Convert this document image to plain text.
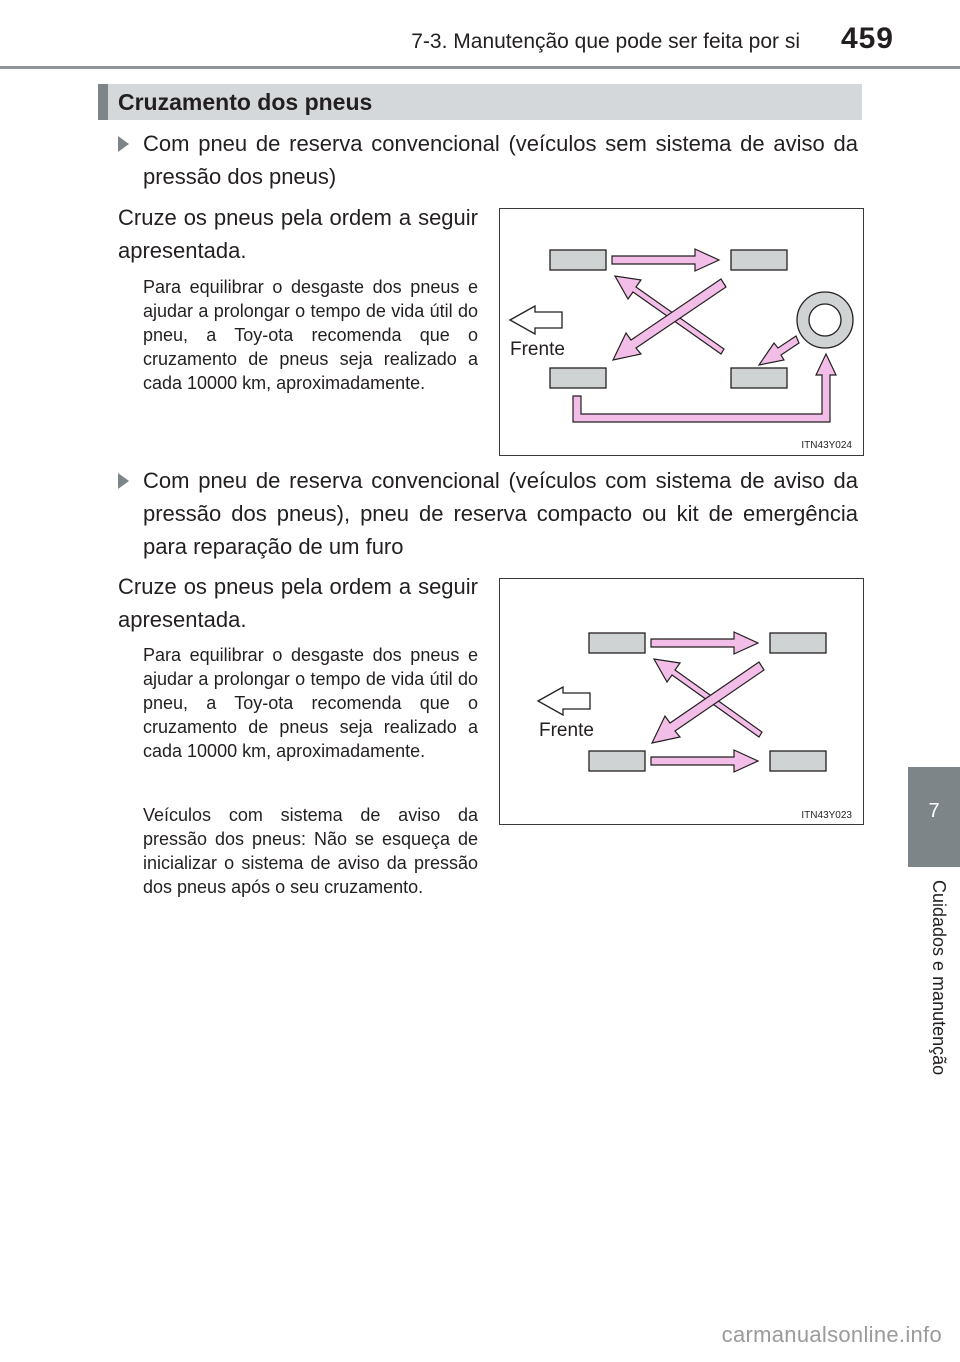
7-3. Manutenção que pode ser feita por si 459
Cruzamento dos pneus
Com pneu de reserva convencional (veículos sem sistema de aviso da pressão dos pneus)
Cruze os pneus pela ordem a seguir apresentada.
Para equilibrar o desgaste dos pneus e ajudar a prolongar o tempo de vida útil do pneu, a Toy-ota recomenda que o cruzamento de pneus seja realizado a cada 10000 km, aproximadamente.
Frente
ITN43Y024
Com pneu de reserva convencional (veículos com sistema de aviso da pressão dos pneus), pneu de reserva compacto ou kit de emergência para reparação de um furo
Cruze os pneus pela ordem a seguir apresentada.
Para equilibrar o desgaste dos pneus e ajudar a prolongar o tempo de vida útil do pneu, a Toy-ota recomenda que o cruzamento de pneus seja realizado a cada 10000 km, aproximadamente.
Veículos com sistema de aviso da pressão dos pneus: Não se esqueça de inicializar o sistema de aviso da pressão dos pneus após o seu cruzamento.
Frente
ITN43Y023	7
Cuidados e manutenção
carmanualsonline.info
